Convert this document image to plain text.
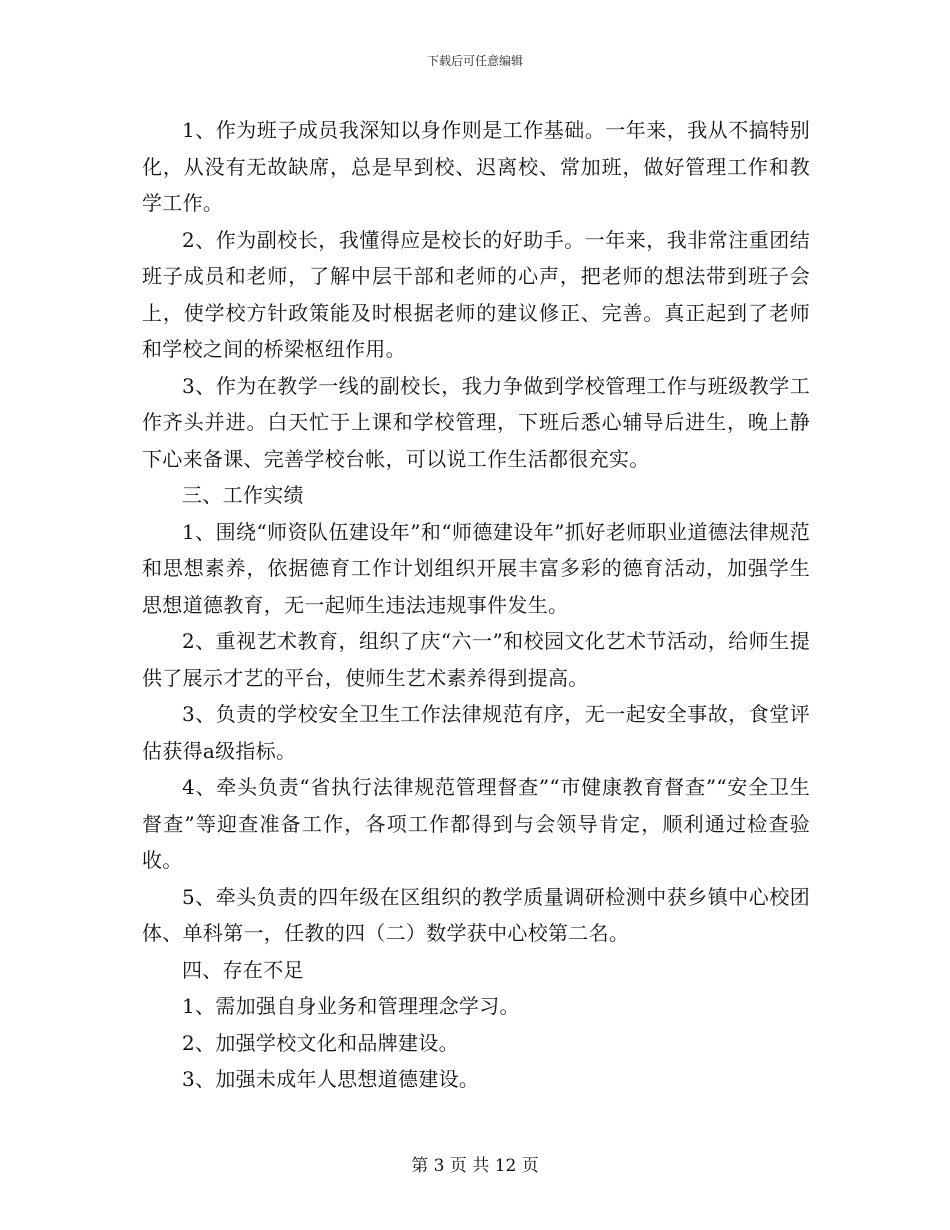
下载后可任意编辑

1、作为班子成员我深知以身作则是工作基础。一年来，我从不搞特别化，从没有无故缺席，总是早到校、迟离校、常加班，做好管理工作和教学工作。

2、作为副校长，我懂得应是校长的好助手。一年来，我非常注重团结班子成员和老师，了解中层干部和老师的心声，把老师的想法带到班子会上，使学校方针政策能及时根据老师的建议修正、完善。真正起到了老师和学校之间的桥梁枢纽作用。

3、作为在教学一线的副校长，我力争做到学校管理工作与班级教学工作齐头并进。白天忙于上课和学校管理，下班后悉心辅导后进生，晚上静下心来备课、完善学校台帐，可以说工作生活都很充实。

三、工作实绩

1、围绕“师资队伍建设年”和“师德建设年”抓好老师职业道德法律规范和思想素养，依据德育工作计划组织开展丰富多彩的德育活动，加强学生思想道德教育，无一起师生违法违规事件发生。

2、重视艺术教育，组织了庆“六一”和校园文化艺术节活动，给师生提供了展示才艺的平台，使师生艺术素养得到提高。

3、负责的学校安全卫生工作法律规范有序，无一起安全事故，食堂评估获得a级指标。

4、牵头负责“省执行法律规范管理督查”“市健康教育督查”“安全卫生督查”等迎查准备工作，各项工作都得到与会领导肯定，顺利通过检查验收。

5、牵头负责的四年级在区组织的教学质量调研检测中获乡镇中心校团体、单科第一，任教的四（二）数学获中心校第二名。

四、存在不足

1、需加强自身业务和管理理念学习。

2、加强学校文化和品牌建设。

3、加强未成年人思想道德建设。

第 3 页 共 12 页
